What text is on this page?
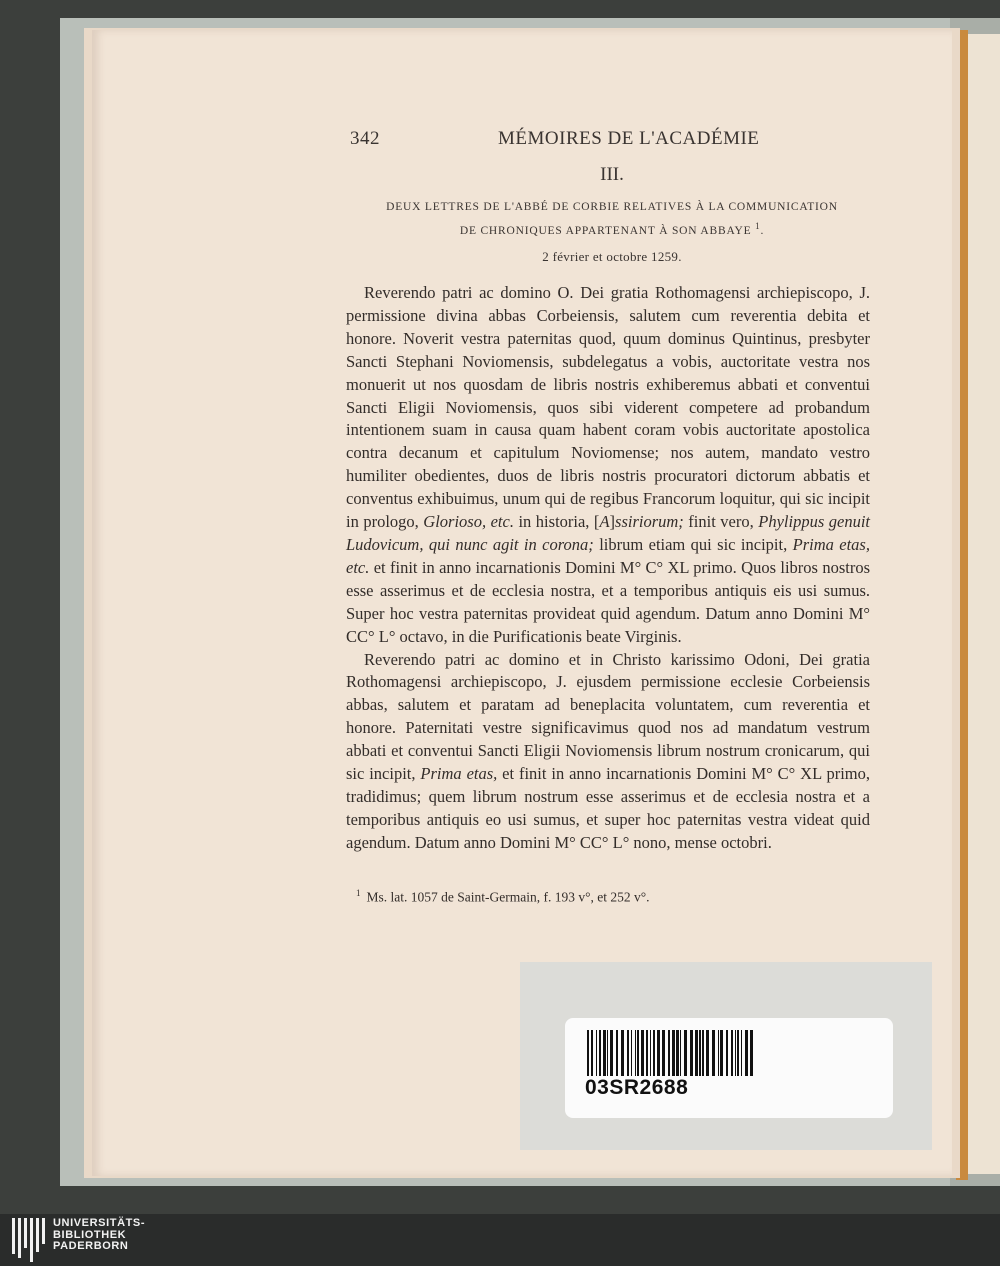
342	MÉMOIRES DE L'ACADÉMIE
III.
DEUX LETTRES DE L'ABBÉ DE CORBIE RELATIVES À LA COMMUNICATION
DE CHRONIQUES APPARTENANT À SON ABBAYE $^1$.
2 février et octobre 1259.

Reverendo patri ac domino O. Dei gratia Rothomagensi archiepiscopo, J. permissione divina abbas Corbeiensis, salutem cum reverentia debita et honore. Noverit vestra paternitas quod, quum dominus Quintinus, presbyter Sancti Stephani Noviomensis, subdelegatus a vobis, auctoritate vestra nos monuerit ut nos quosdam de libris nostris exhiberemus abbati et conventui Sancti Eligii Noviomensis, quos sibi viderent competere ad probandum intentionem suam in causa quam habent coram vobis auctoritate apostolica contra decanum et capitulum Noviomense; nos autem, mandato vestro humiliter obedientes, duos de libris nostris procuratori dictorum abbatis et conventus exhibuimus, unum qui de regibus Francorum loquitur, qui sic incipit in prologo, Glorioso, etc. in historia, [A]ssiriorum; finit vero, Phylippus genuit Ludovicum, qui nunc agit in corona; librum etiam qui sic incipit, Prima etas, etc. et finit in anno incarnationis Domini M° C° XL primo. Quos libros nostros esse asserimus et de ecclesia nostra, et a temporibus antiquis eis usi sumus. Super hoc vestra paternitas provideat quid agendum. Datum anno Domini M° CC° L° octavo, in die Purificationis beate Virginis.

Reverendo patri ac domino et in Christo karissimo Odoni, Dei gratia Rothomagensi archiepiscopo, J. ejusdem permissione ecclesie Corbeiensis abbas, salutem et paratam ad beneplacita voluntatem, cum reverentia et honore. Paternitati vestre significavimus quod nos ad mandatum vestrum abbati et conventui Sancti Eligii Noviomensis librum nostrum cronicarum, qui sic incipit, Prima etas, et finit in anno incarnationis Domini M° C° XL primo, tradidimus; quem librum nostrum esse asserimus et de ecclesia nostra et a temporibus antiquis eo usi sumus, et super hoc paternitas vestra videat quid agendum. Datum anno Domini M° CC° L° nono, mense octobri.

$^1$ Ms. lat. 1057 de Saint-Germain, f. 193 v°, et 252 v°.
03SR2688
UNIVERSITÄTS-
BIBLIOTHEK
PADERBORN
